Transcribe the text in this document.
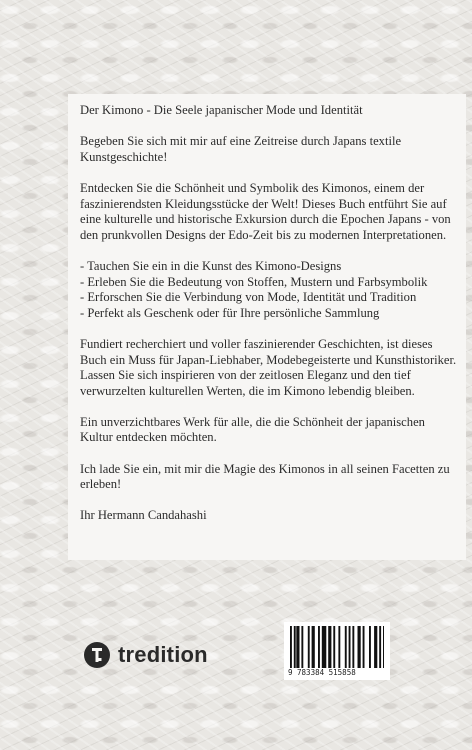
Der Kimono - Die Seele japanischer Mode und Identität

Begeben Sie sich mit mir auf eine Zeitreise durch Japans textile Kunstgeschichte!

Entdecken Sie die Schönheit und Symbolik des Kimonos, einem der faszinierendsten Kleidungsstücke der Welt! Dieses Buch entführt Sie auf eine kulturelle und historische Exkursion durch die Epochen Japans - von den prunkvollen Designs der Edo-Zeit bis zu modernen Interpretationen.

- Tauchen Sie ein in die Kunst des Kimono-Designs

- Erleben Sie die Bedeutung von Stoffen, Mustern und Farbsymbolik

- Erforschen Sie die Verbindung von Mode, Identität und Tradition

- Perfekt als Geschenk oder für Ihre persönliche Sammlung

Fundiert recherchiert und voller faszinierender Geschichten, ist dieses Buch ein Muss für Japan-Liebhaber, Modebegeisterte und Kunsthistoriker. Lassen Sie sich inspirieren von der zeitlosen Eleganz und den tief verwurzelten kulturellen Werten, die im Kimono lebendig bleiben.

Ein unverzichtbares Werk für alle, die die Schönheit der japanischen Kultur entdecken möchten.

Ich lade Sie ein, mit mir die Magie des Kimonos in all seinen Facetten zu erleben!

Ihr Hermann Candahashi

tredition
9 783384 515858
